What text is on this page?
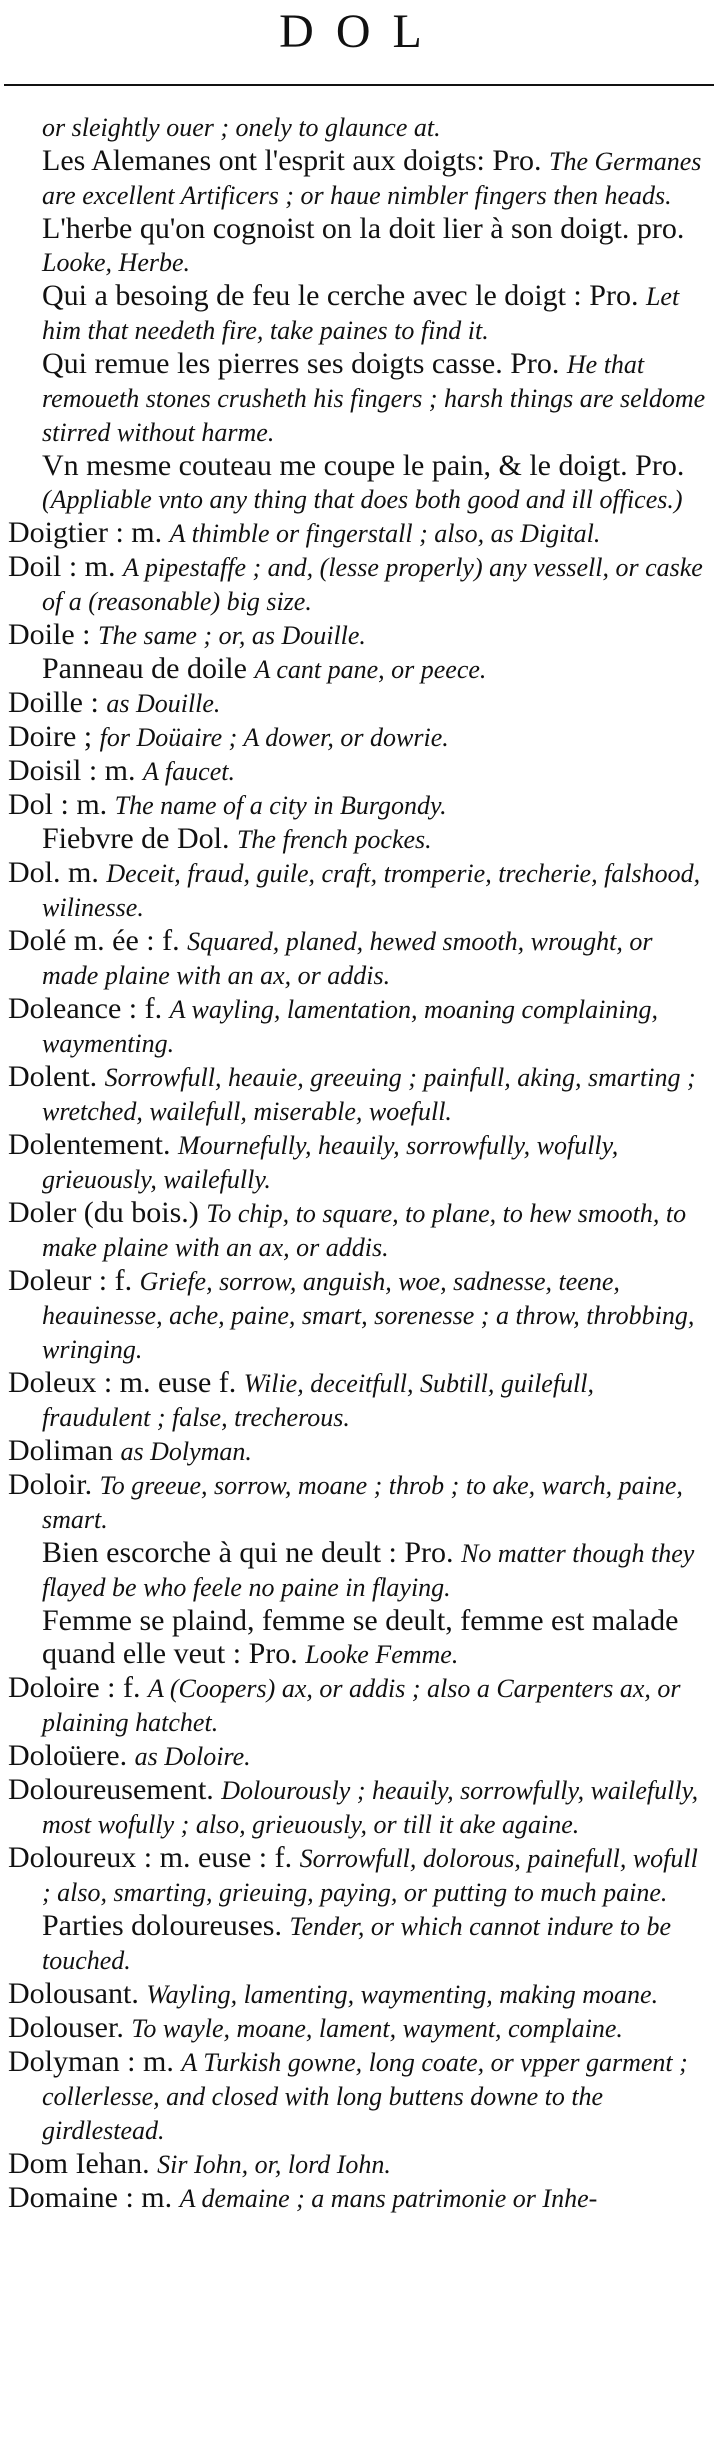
DOL
or sleightly ouer ; onely to glaunce at.
Les Alemanes ont l'esprit aux doigts: Pro. The Germanes are excellent Artificers ; or haue nimbler fingers then heads.
L'herbe qu'on cognoist on la doit lier à son doigt. pro. Looke, Herbe.
Qui a besoing de feu le cerche avec le doigt : Pro. Let him that needeth fire, take paines to find it.
Qui remue les pierres ses doigts casse. Pro. He that remoueth stones crusheth his fingers ; harsh things are seldome stirred without harme.
Vn mesme couteau me coupe le pain, & le doigt. Pro. (Appliable vnto any thing that does both good and ill offices.)
Doigtier : m. A thimble or fingerstall ; also, as Digital.
Doil : m. A pipestaffe ; and, (lesse properly) any vessell, or caske of a (reasonable) big size.
Doile : The same ; or, as Douille.
Panneau de doile A cant pane, or peece.
Doille : as Douille.
Doire ; for Doüaire ; A dower, or dowrie.
Doisil : m. A faucet.
Dol : m. The name of a city in Burgondy.
Fiebvre de Dol. The french pockes.
Dol. m. Deceit, fraud, guile, craft, tromperie, trecherie, falshood, wilinesse.
Dolé m. ée : f. Squared, planed, hewed smooth, wrought, or made plaine with an ax, or addis.
Doleance : f. A wayling, lamentation, moaning complaining, waymenting.
Dolent. Sorrowfull, heauie, greeuing ; painfull, aking, smarting ; wretched, wailefull, miserable, woefull.
Dolentement. Mournefully, heauily, sorrowfully, wofully, grieuously, wailefully.
Doler (du bois.) To chip, to square, to plane, to hew smooth, to make plaine with an ax, or addis.
Doleur : f. Griefe, sorrow, anguish, woe, sadnesse, teene, heauinesse, ache, paine, smart, sorenesse ; a throw, throbbing, wringing.
Doleux : m. euse f. Wilie, deceitfull, Subtill, guilefull, fraudulent ; false, trecherous.
Doliman as Dolyman.
Doloir. To greeue, sorrow, moane ; throb ; to ake, warch, paine, smart.
Bien escorche à qui ne deult : Pro. No matter though they flayed be who feele no paine in flaying.
Femme se plaind, femme se deult, femme est malade quand elle veut : Pro. Looke Femme.
Doloire : f. A (Coopers) ax, or addis ; also a Carpenters ax, or plaining hatchet.
Doloüere. as Doloire.
Doloureusement. Dolourously ; heauily, sorrowfully, wailefully, most wofully ; also, grieuously, or till it ake againe.
Doloureux : m. euse : f. Sorrowfull, dolorous, painefull, wofull ; also, smarting, grieuing, paying, or putting to much paine.
Parties doloureuses. Tender, or which cannot indure to be touched.
Dolousant. Wayling, lamenting, waymenting, making moane.
Dolouser. To wayle, moane, lament, wayment, complaine.
Dolyman : m. A Turkish gowne, long coate, or vpper garment ; collerlesse, and closed with long buttens downe to the girdlestead.
Dom Iehan. Sir Iohn, or, lord Iohn.
Domaine : m. A demaine ; a mans patrimonie or Inhe-
